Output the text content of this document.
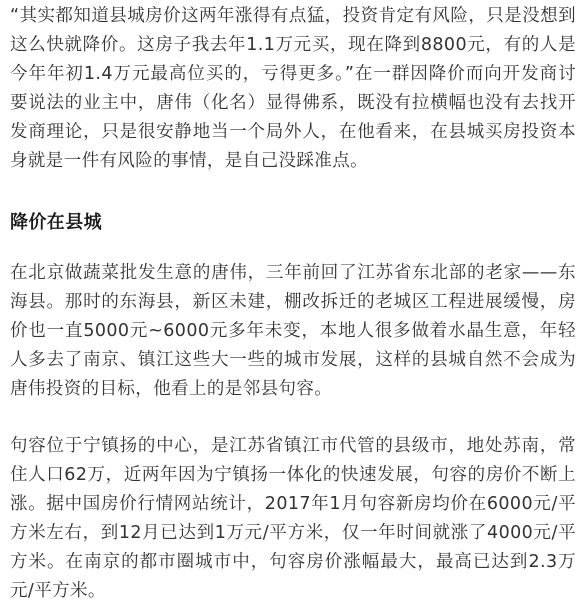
“其实都知道县城房价这两年涨得有点猛，投资肯定有风险，只是没想到这么快就降价。这房子我去年1.1万元买，现在降到8800元，有的人是今年年初1.4万元最高位买的，亏得更多。”在一群因降价而向开发商讨要说法的业主中，唐伟（化名）显得佛系，既没有拉横幅也没有去找开发商理论，只是很安静地当一个局外人，在他看来，在县城买房投资本身就是一件有风险的事情，是自己没踩准点。

降价在县城

在北京做蔬菜批发生意的唐伟，三年前回了江苏省东北部的老家——东海县。那时的东海县，新区未建，棚改拆迁的老城区工程进展缓慢，房价也一直5000元~6000元多年未变，本地人很多做着水晶生意，年轻人多去了南京、镇江这些大一些的城市发展，这样的县城自然不会成为唐伟投资的目标，他看上的是邻县句容。

句容位于宁镇扬的中心，是江苏省镇江市代管的县级市，地处苏南，常住人口62万，近两年因为宁镇扬一体化的快速发展，句容的房价不断上涨。据中国房价行情网站统计，2017年1月句容新房均价在6000元/平方米左右，到12月已达到1万元/平方米，仅一年时间就涨了4000元/平方米。在南京的都市圈城市中，句容房价涨幅最大，最高已达到2.3万元/平方米。
